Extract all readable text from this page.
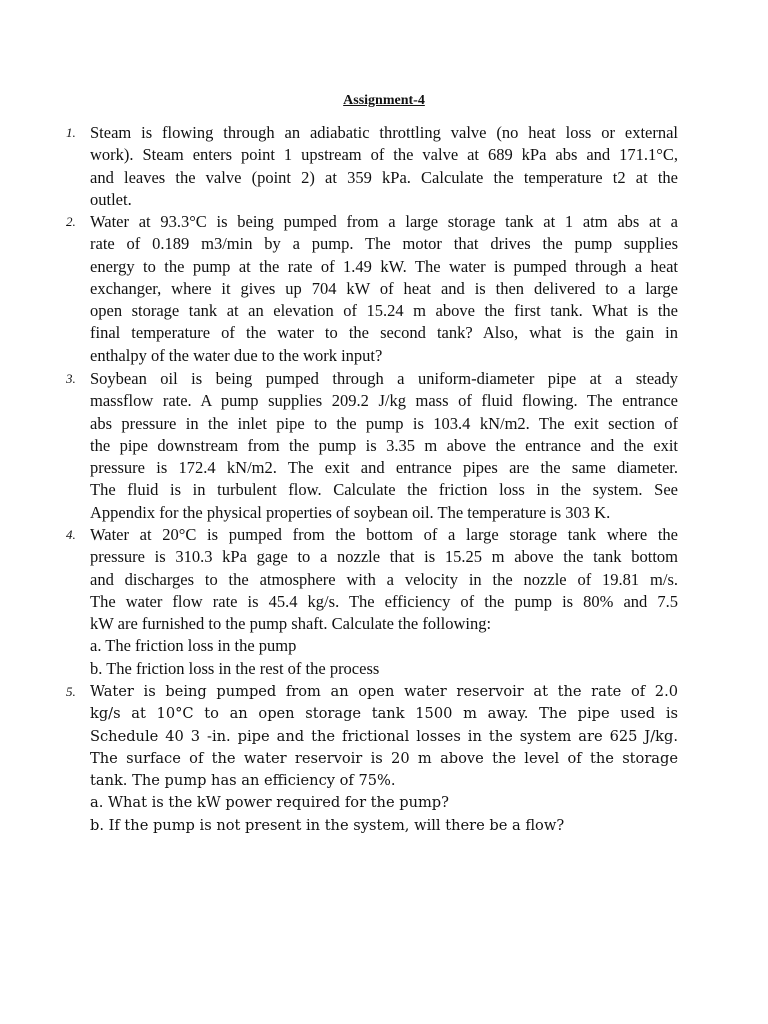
Assignment-4
1. Steam is flowing through an adiabatic throttling valve (no heat loss or external
work). Steam enters point 1 upstream of the valve at 689 kPa abs and 171.1°C,
and leaves the valve (point 2) at 359 kPa. Calculate the temperature t2 at the
outlet.
2. Water at 93.3°C is being pumped from a large storage tank at 1 atm abs at a
rate of 0.189 m3/min by a pump. The motor that drives the pump supplies
energy to the pump at the rate of 1.49 kW. The water is pumped through a heat
exchanger, where it gives up 704 kW of heat and is then delivered to a large
open storage tank at an elevation of 15.24 m above the first tank. What is the
final temperature of the water to the second tank? Also, what is the gain in
enthalpy of the water due to the work input?
3. Soybean oil is being pumped through a uniform-diameter pipe at a steady
massflow rate. A pump supplies 209.2 J/kg mass of fluid flowing. The entrance
abs pressure in the inlet pipe to the pump is 103.4 kN/m2. The exit section of
the pipe downstream from the pump is 3.35 m above the entrance and the exit
pressure is 172.4 kN/m2. The exit and entrance pipes are the same diameter.
The fluid is in turbulent flow. Calculate the friction loss in the system. See
Appendix for the physical properties of soybean oil. The temperature is 303 K.
4. Water at 20°C is pumped from the bottom of a large storage tank where the
pressure is 310.3 kPa gage to a nozzle that is 15.25 m above the tank bottom
and discharges to the atmosphere with a velocity in the nozzle of 19.81 m/s.
The water flow rate is 45.4 kg/s. The efficiency of the pump is 80% and 7.5
kW are furnished to the pump shaft. Calculate the following:
a. The friction loss in the pump
b. The friction loss in the rest of the process
5. Water is being pumped from an open water reservoir at the rate of 2.0
kg/s at 10°C to an open storage tank 1500 m away. The pipe used is
Schedule 40 3 -in. pipe and the frictional losses in the system are 625 J/kg.
The surface of the water reservoir is 20 m above the level of the storage
tank. The pump has an efficiency of 75%.
a. What is the kW power required for the pump?
b. If the pump is not present in the system, will there be a flow?
